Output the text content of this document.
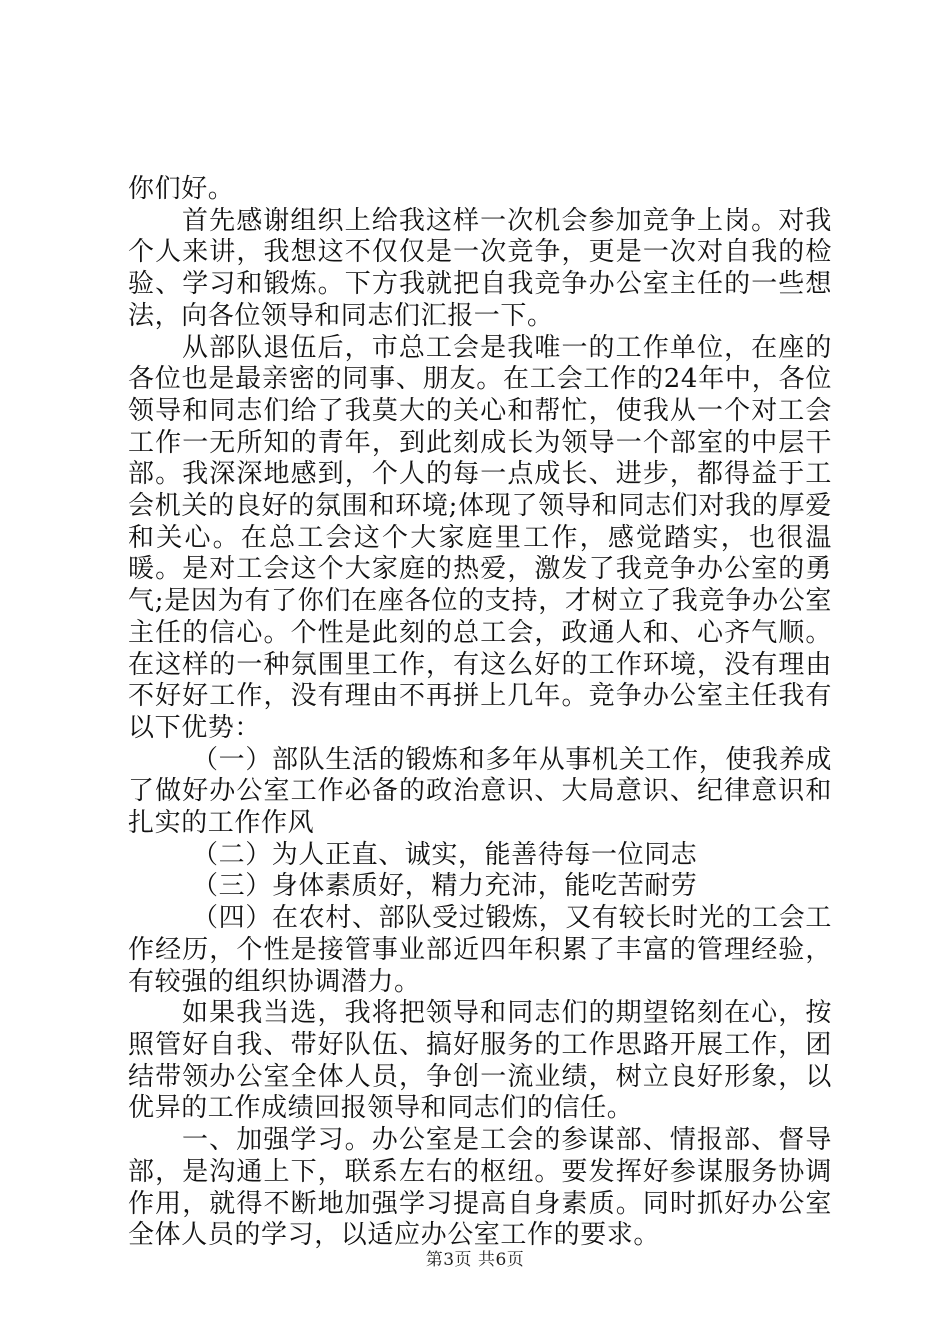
你们好。

首先感谢组织上给我这样一次机会参加竞争上岗。对我个人来讲，我想这不仅仅是一次竞争，更是一次对自我的检验、学习和锻炼。下方我就把自我竞争办公室主任的一些想法，向各位领导和同志们汇报一下。

从部队退伍后，市总工会是我唯一的工作单位，在座的各位也是最亲密的同事、朋友。在工会工作的24年中，各位领导和同志们给了我莫大的关心和帮忙，使我从一个对工会工作一无所知的青年，到此刻成长为领导一个部室的中层干部。我深深地感到，个人的每一点成长、进步，都得益于工会机关的良好的氛围和环境;体现了领导和同志们对我的厚爱和关心。在总工会这个大家庭里工作，感觉踏实，也很温暖。是对工会这个大家庭的热爱，激发了我竞争办公室的勇气;是因为有了你们在座各位的支持，才树立了我竞争办公室主任的信心。个性是此刻的总工会，政通人和、心齐气顺。在这样的一种氛围里工作，有这么好的工作环境，没有理由不好好工作，没有理由不再拼上几年。竞争办公室主任我有以下优势：

（一）部队生活的锻炼和多年从事机关工作，使我养成了做好办公室工作必备的政治意识、大局意识、纪律意识和扎实的工作作风

（二）为人正直、诚实，能善待每一位同志

（三）身体素质好，精力充沛，能吃苦耐劳

（四）在农村、部队受过锻炼，又有较长时光的工会工作经历，个性是接管事业部近四年积累了丰富的管理经验，有较强的组织协调潜力。

如果我当选，我将把领导和同志们的期望铭刻在心，按照管好自我、带好队伍、搞好服务的工作思路开展工作，团结带领办公室全体人员，争创一流业绩，树立良好形象，以优异的工作成绩回报领导和同志们的信任。

一、加强学习。办公室是工会的参谋部、情报部、督导部，是沟通上下，联系左右的枢纽。要发挥好参谋服务协调作用，就得不断地加强学习提高自身素质。同时抓好办公室全体人员的学习，以适应办公室工作的要求。

第3页 共6页
